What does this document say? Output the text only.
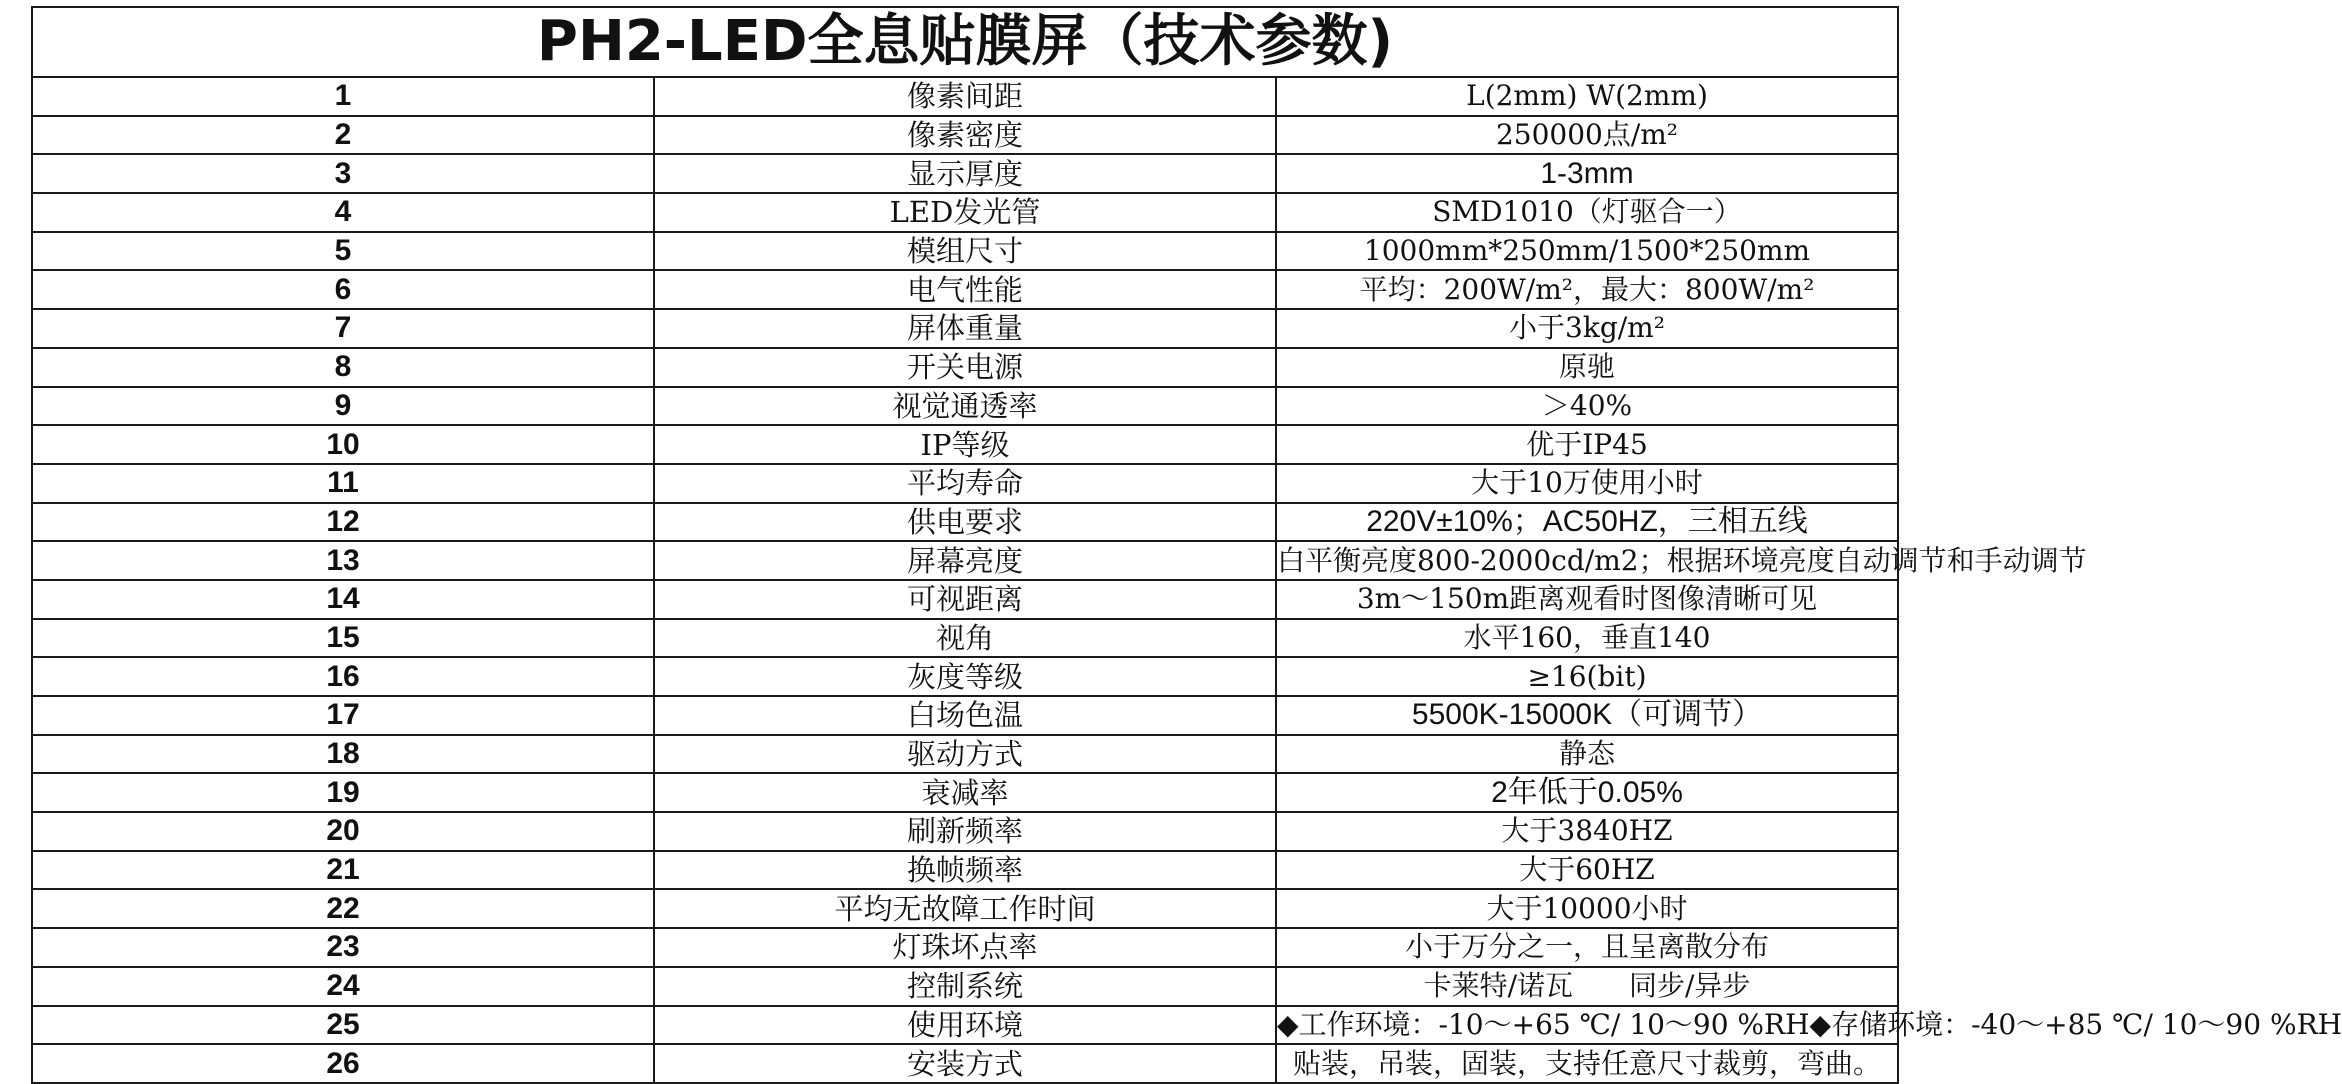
PH2-LED全息贴膜屏（技术参数)		
1	像素间距	L(2mm) W(2mm)
2	像素密度	250000点/m²
3	显示厚度	1-3mm
4	LED发光管	SMD1010（灯驱合一）
5	模组尺寸	1000mm*250mm/1500*250mm
6	电气性能	平均：200W/m²，最大：800W/m²
7	屏体重量	小于3kg/m²
8	开关电源	原驰
9	视觉通透率	＞40%
10	IP等级	优于IP45
11	平均寿命	大于10万使用小时
12	供电要求	220V±10%；AC50HZ，三相五线
13	屏幕亮度	白平衡亮度800-2000cd/m2；根据环境亮度自动调节和手动调节
14	可视距离	3m～150m距离观看时图像清晰可见
15	视角	水平160，垂直140
16	灰度等级	≥16(bit)
17	白场色温	5500K-15000K（可调节）
18	驱动方式	静态
19	衰减率	2年低于0.05%
20	刷新频率	大于3840HZ
21	换帧频率	大于60HZ
22	平均无故障工作时间	大于10000小时
23	灯珠坏点率	小于万分之一，且呈离散分布
24	控制系统	卡莱特/诺瓦　　同步/异步
25	使用环境	◆工作环境：-10～+65 ℃/ 10～90 %RH◆存储环境：-40～+85 ℃/ 10～90 %RH
26	安装方式	贴装，吊装，固装，支持任意尺寸裁剪，弯曲。
